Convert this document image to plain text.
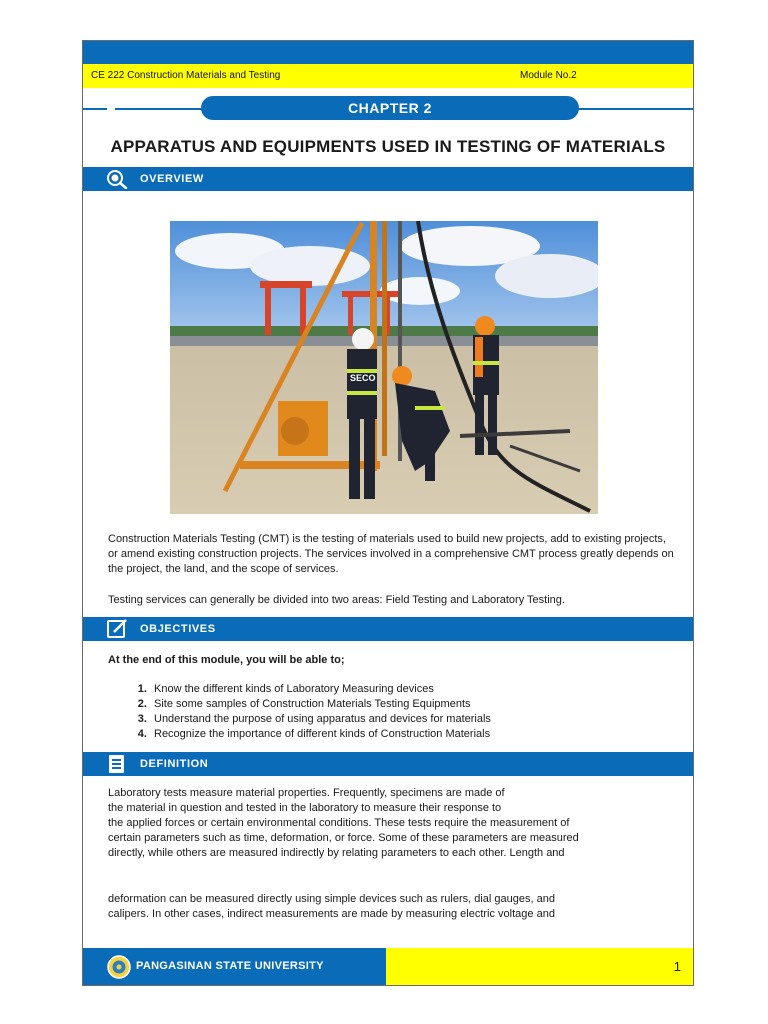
CE 222 Construction Materials and Testing	Module No.2
CHAPTER 2
APPARATUS AND EQUIPMENTS USED IN TESTING OF MATERIALS
OVERVIEW
SECO
Construction Materials Testing (CMT) is the testing of materials used to build new projects, add to existing projects, or amend existing construction projects. The services involved in a comprehensive CMT process greatly depends on the project, the land, and the scope of services.
Testing services can generally be divided into two areas: Field Testing and Laboratory Testing.
OBJECTIVES
At the end of this module, you will be able to;
1. Know the different kinds of Laboratory Measuring devices
2. Site some samples of Construction Materials Testing Equipments
3. Understand the purpose of using apparatus and devices for materials
4. Recognize the importance of different kinds of Construction Materials
DEFINITION
Laboratory tests measure material properties. Frequently, specimens are made of
the material in question and tested in the laboratory to measure their response to
the applied forces or certain environmental conditions. These tests require the measurement of
certain parameters such as time, deformation, or force. Some of these parameters are measured
directly, while others are measured indirectly by relating parameters to each other. Length and
deformation can be measured directly using simple devices such as rulers, dial gauges, and
calipers. In other cases, indirect measurements are made by measuring electric voltage and
PANGASINAN STATE UNIVERSITY	1
